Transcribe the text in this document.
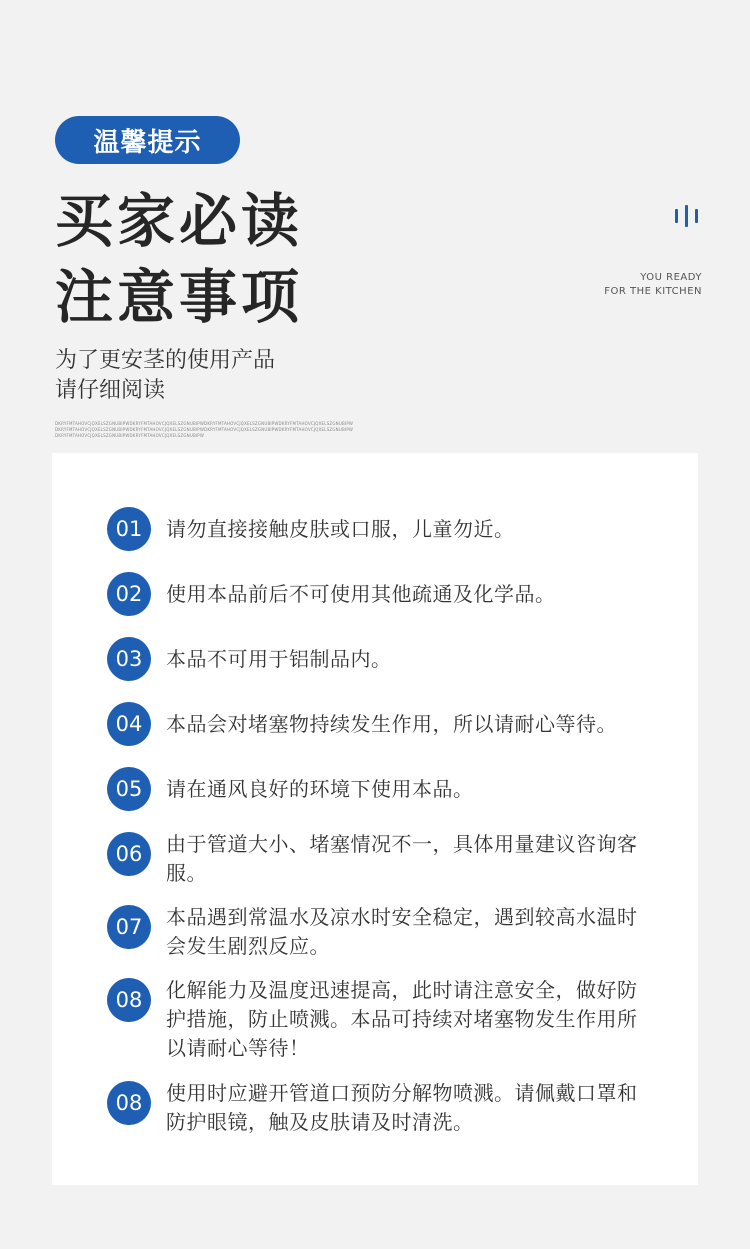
温馨提示
买家必读
注意事项
为了更安茎的使用产品
请仔细阅读
DKRYFMTAHOVCJQXELSZGNUBIPWDKRYFMTAHOVCJQXELSZGNUBIPWDKRYFMTAHOVCJQXELSZGNUBIPWDKRYFMTAHOVCJQXELSZGNUBIPWDKRYFMTAHOVCJQXELSZGNUBIPWDKRYFMTAHOVCJQXELSZGNUBIPWDKRYFMTAHOVCJQXELSZGNUBIPWDKRYFMTAHOVCJQXELSZGNUBIPWDKRYFMTAHOVCJQXELSZGNUBIPWDKRYFMTAHOVCJQXELSZGNUBIPW
YOU READY
FOR THE KITCHEN
01	请勿直接接触皮肤或口服，儿童勿近。
02	使用本品前后不可使用其他疏通及化学品。
03	本品不可用于铝制品内。
04	本品会对堵塞物持续发生作用，所以请耐心等待。
05	请在通风良好的环境下使用本品。
06	由于管道大小、堵塞情况不一，具体用量建议咨询客服。
07	本品遇到常温水及凉水时安全稳定，遇到较高水温时会发生剧烈反应。
08	化解能力及温度迅速提高，此时请注意安全，做好防护措施，防止喷溅。本品可持续对堵塞物发生作用所以请耐心等待！
08	使用时应避开管道口预防分解物喷溅。请佩戴口罩和防护眼镜，触及皮肤请及时清洗。
